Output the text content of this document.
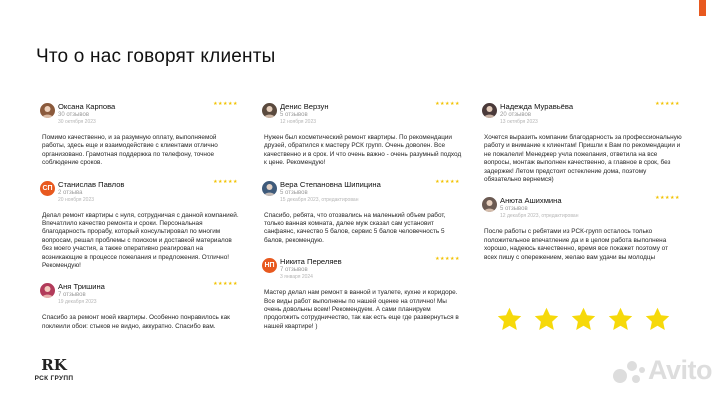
Что о нас говорят клиенты
Оксана Карпова
30 отзывов
30 октября 2023
★★★★★
Помимо качественно, и за разумную оплату, выполняемой работы, здесь еще и взаимодействие с клиентами отлично организовано. Грамотная поддержка по телефону, точное соблюдение сроков.
СП Станислав Павлов
2 отзыва
20 ноября 2023
★★★★★
Делал ремонт квартиры с нуля, сотрудничая с данной компанией. Впечатлило качество ремонта и сроки. Персональная благодарность прорабу, который консультировал по многим вопросам, решал проблемы с поиском и доставкой материалов без моего участия, а также оперативно реагировал на возникающие в процессе пожелания и предложения. Отлично! Рекомендую!
Аня Тришина
7 отзывов
19 декабря 2023
★★★★★
Спасибо за ремонт моей квартиры. Особенно понравилось как поклеили обои: стыков не видно, аккуратно. Спасибо вам.
Денис Верзун
5 отзывов
12 ноября 2023
★★★★★
Нужен был косметический ремонт квартиры. По рекомендации друзей, обратился к мастеру РСК групп. Очень доволен. Все качественно и в срок. И что очень важно - очень разумный подход к цене. Рекомендую!
Вера Степановна Шипицина
5 отзывов
15 декабря 2023, отредактирован
★★★★★
Спасибо, ребята, что отозвались на маленький объем работ, только ванная комната, далее муж сказал сам установит санфаянс, качество 5 балов, сервис 5 балов человечность 5 балов, рекомендую.
НП Никита Переляев
7 отзывов
3 января 2024
★★★★★
Мастер делал нам ремонт в ванной и туалете, кухне и коридоре. Все виды работ выполнены по нашей оценке на отлично! Мы очень довольны всем! Рекомендуем. А сами планируем продолжить сотрудничество, так как есть еще где развернуться в нашей квартире! )
Надежда Муравьёва
20 отзывов
13 октября 2023
★★★★★
Хочется выразить компании благодарность за профессиональную работу и внимание к клиентам! Пришли к Вам по рекомендации и не пожалели! Менеджер учла пожелания, ответила на все вопросы, монтаж выполнен качественно, а главное в срок, без задержек! Летом предстоит остекление дома, поэтому обязательно вернемся)
Анюта Ашихмина
5 отзывов
12 декабря 2023, отредактирован
★★★★★
После работы с ребятами из РСК-групп осталось только положительное впечатление да и в целом работа выполнена хорошо, надеюсь качественно, время все покажет поэтому от всех пишу с опережением, желаю вам удачи вы молодцы
RK
РСК ГРУПП	Avito
